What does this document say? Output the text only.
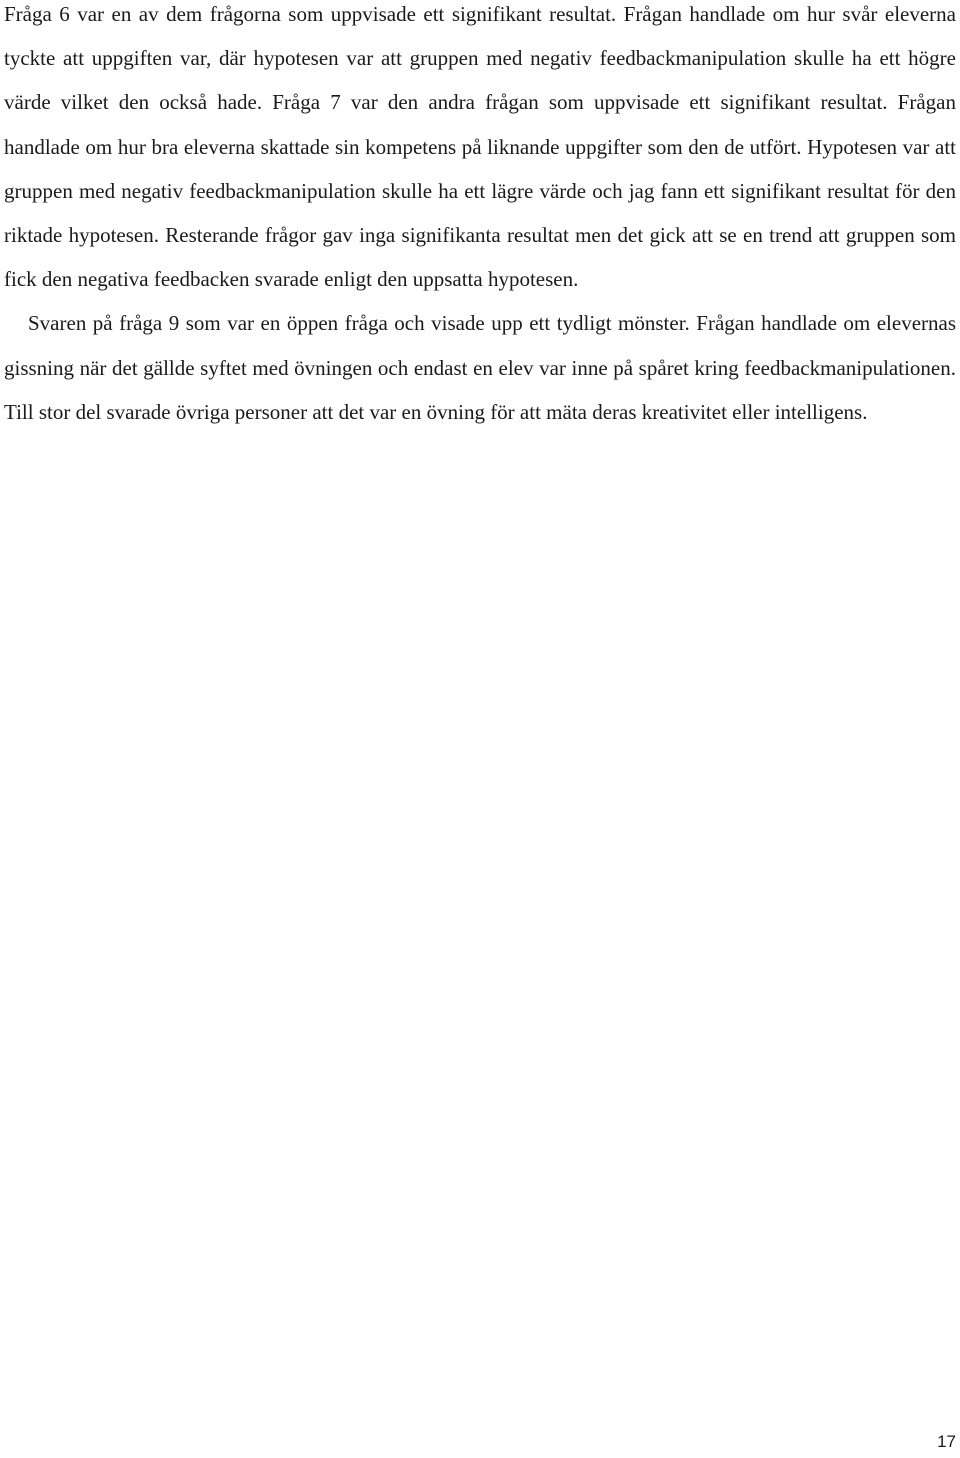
Fråga 6 var en av dem frågorna som uppvisade ett signifikant resultat. Frågan handlade om hur svår eleverna tyckte att uppgiften var, där hypotesen var att gruppen med negativ feedbackmanipulation skulle ha ett högre värde vilket den också hade. Fråga 7 var den andra frågan som uppvisade ett signifikant resultat. Frågan handlade om hur bra eleverna skattade sin kompetens på liknande uppgifter som den de utfört. Hypotesen var att gruppen med negativ feedbackmanipulation skulle ha ett lägre värde och jag fann ett signifikant resultat för den riktade hypotesen. Resterande frågor gav inga signifikanta resultat men det gick att se en trend att gruppen som fick den negativa feedbacken svarade enligt den uppsatta hypotesen.

Svaren på fråga 9 som var en öppen fråga och visade upp ett tydligt mönster. Frågan handlade om elevernas gissning när det gällde syftet med övningen och endast en elev var inne på spåret kring feedbackmanipulationen. Till stor del svarade övriga personer att det var en övning för att mäta deras kreativitet eller intelligens.

17
